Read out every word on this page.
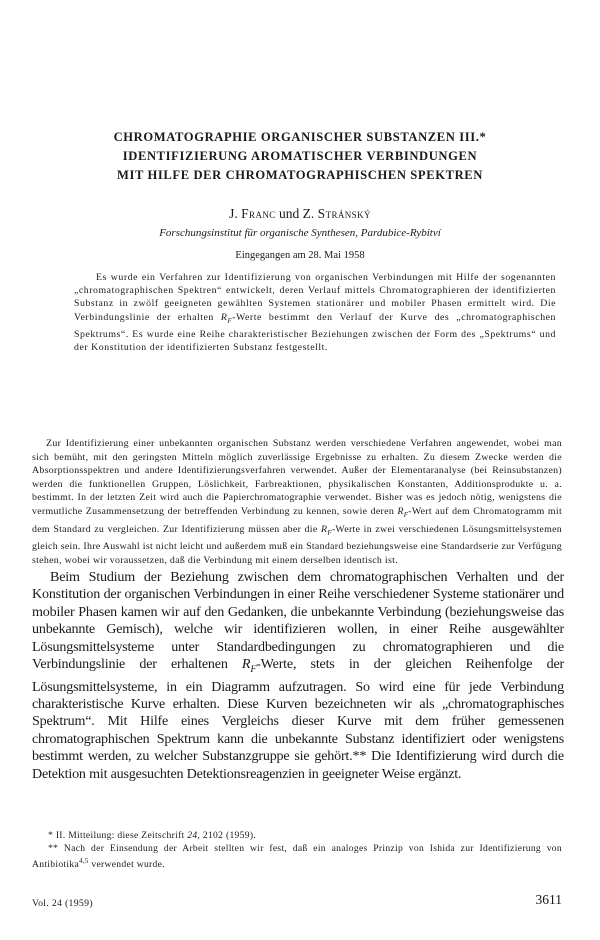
CHROMATOGRAPHIE ORGANISCHER SUBSTANZEN III.*
IDENTIFIZIERUNG AROMATISCHER VERBINDUNGEN
MIT HILFE DER CHROMATOGRAPHISCHEN SPEKTREN
J. Franc und Z. Stránský
Forschungsinstitut für organische Synthesen, Pardubice-Rybitví
Eingegangen am 28. Mai 1958

Es wurde ein Verfahren zur Identifizierung von organischen Verbindungen mit Hilfe der sogenannten „chromatographischen Spektren“ entwickelt, deren Verlauf mittels Chromatographieren der identifizierten Substanz in zwölf geeigneten gewählten Systemen stationärer und mobiler Phasen ermittelt wird. Die Verbindungslinie der erhalten $R_F$-Werte bestimmt den Verlauf der Kurve des „chromatographischen Spektrums“. Es wurde eine Reihe charakteristischer Beziehungen zwischen der Form des „Spektrums“ und der Konstitution der identifizierten Substanz festgestellt.

Zur Identifizierung einer unbekannten organischen Substanz werden verschiedene Verfahren angewendet, wobei man sich bemüht, mit den geringsten Mitteln möglich zuverlässige Ergebnisse zu erhalten. Zu diesem Zwecke werden die Absorptionsspektren und andere Identifizierungsverfahren verwendet. Außer der Elementaranalyse (bei Reinsubstanzen) werden die funktionellen Gruppen, Löslichkeit, Farbreaktionen, physikalischen Konstanten, Additionsprodukte u. a. bestimmt. In der letzten Zeit wird auch die Papierchromatographie verwendet. Bisher was es jedoch nötig, wenigstens die vermutliche Zusammensetzung der betreffenden Verbindung zu kennen, sowie deren $R_F$-Wert auf dem Chromatogramm mit dem Standard zu vergleichen. Zur Identifizierung müssen aber die $R_F$-Werte in zwei verschiedenen Lösungsmittelsystemen gleich sein. Ihre Auswahl ist nicht leicht und außerdem muß ein Standard beziehungsweise eine Standardserie zur Verfügung stehen, wobei wir voraussetzen, daß die Verbindung mit einem derselben identisch ist.

Beim Studium der Beziehung zwischen dem chromatographischen Verhalten und der Konstitution der organischen Verbindungen in einer Reihe verschiedener Systeme stationärer und mobiler Phasen kamen wir auf den Gedanken, die unbekannte Verbindung (beziehungsweise das unbekannte Gemisch), welche wir identifizieren wollen, in einer Reihe ausgewählter Lösungsmittelsysteme unter Standardbedingungen zu chromatographieren und die Verbindungslinie der erhaltenen $R_F$-Werte, stets in der gleichen Reihenfolge der Lösungsmittelsysteme, in ein Diagramm aufzutragen. So wird eine für jede Verbindung charakteristische Kurve erhalten. Diese Kurven bezeichneten wir als „chromatographisches Spektrum“. Mit Hilfe eines Vergleichs dieser Kurve mit dem früher gemessenen chromatographischen Spektrum kann die unbekannte Substanz identifiziert oder wenigstens bestimmt werden, zu welcher Substanzgruppe sie gehört.** Die Identifizierung wird durch die Detektion mit ausgesuchten Detektionsreagenzien in geeigneter Weise ergänzt.

* II. Mitteilung: diese Zeitschrift 24, 2102 (1959).

** Nach der Einsendung der Arbeit stellten wir fest, daß ein analoges Prinzip von Ishida zur Identifizierung von Antibiotika$^{4,5}$ verwendet wurde.

Vol. 24 (1959)	3611
